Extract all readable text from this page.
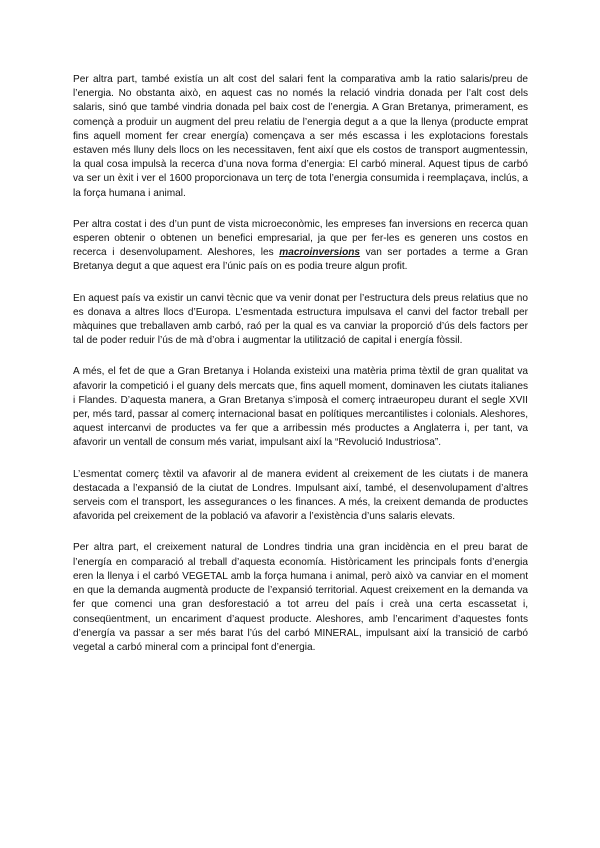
Per altra part, també existía un alt cost del salari fent la comparativa amb la ratio salaris/preu de l’energia. No obstanta això, en aquest cas no només la relació vindria donada per l’alt cost dels salaris, sinó que també vindria donada pel baix cost de l’energia. A Gran Bretanya, primerament, es començà a produir un augment del preu relatiu de l’energia degut a a que la llenya (producte emprat fins aquell moment fer crear energía) començava a ser més escassa i les explotacions forestals estaven més lluny dels llocs on les necessitaven, fent així que els costos de transport augmentessin, la qual cosa impulsà la recerca d’una nova forma d’energia: El carbó mineral. Aquest tipus de carbó va ser un èxit i ver el 1600 proporcionava un terç de tota l’energia consumida i reemplaçava, inclús, a la força humana i animal.

Per altra costat i des d’un punt de vista microeconòmic, les empreses fan inversions en recerca quan esperen obtenir o obtenen un benefici empresarial, ja que per fer-les es generen uns costos en recerca i desenvolupament. Aleshores, les macroinversions van ser portades a terme a Gran Bretanya degut a que aquest era l’únic país on es podia treure algun profit.

En aquest país va existir un canvi tècnic que va venir donat per l’estructura dels preus relatius que no es donava a altres llocs d’Europa. L’esmentada estructura impulsava el canvi del factor treball per màquines que treballaven amb carbó, raó per la qual es va canviar la proporció d’ús dels factors per tal de poder reduir l’ús de mà d’obra i augmentar la utilització de capital i energía fòssil.

A més, el fet de que a Gran Bretanya i Holanda existeixi una matèria prima tèxtil de gran qualitat va afavorir la competició i el guany dels mercats que, fins aquell moment, dominaven les ciutats italianes i Flandes. D’aquesta manera, a Gran Bretanya s’imposà el comerç intraeuropeu durant el segle XVII per, més tard, passar al comerç internacional basat en polítiques mercantilistes i colonials. Aleshores, aquest intercanvi de productes va fer que a arribessin més productes a Anglaterra i, per tant, va afavorir un ventall de consum més variat, impulsant així la “Revolució Industriosa”.

L’esmentat comerç tèxtil va afavorir al de manera evident al creixement de les ciutats i de manera destacada a l’expansió de la ciutat de Londres. Impulsant així, també, el desenvolupament d’altres serveis com el transport, les assegurances o les finances. A més, la creixent demanda de productes afavorida pel creixement de la població va afavorir a l’existència d’uns salaris elevats.

Per altra part, el creixement natural de Londres tindria una gran incidència en el preu barat de l’energía en comparació al treball d’aquesta economía. Històricament les principals fonts d’energia eren la llenya i el carbó VEGETAL amb la força humana i animal, però això va canviar en el moment en que la demanda augmentà producte de l’expansió territorial. Aquest creixement en la demanda va fer que comenci una gran desforestació a tot arreu del país i creà una certa escassetat i, conseqüentment, un encariment d’aquest producte. Aleshores, amb l’encariment d’aquestes fonts d’energía va passar a ser més barat l’ús del carbó MINERAL, impulsant així la transició de carbó vegetal a carbó mineral com a principal font d’energia.
